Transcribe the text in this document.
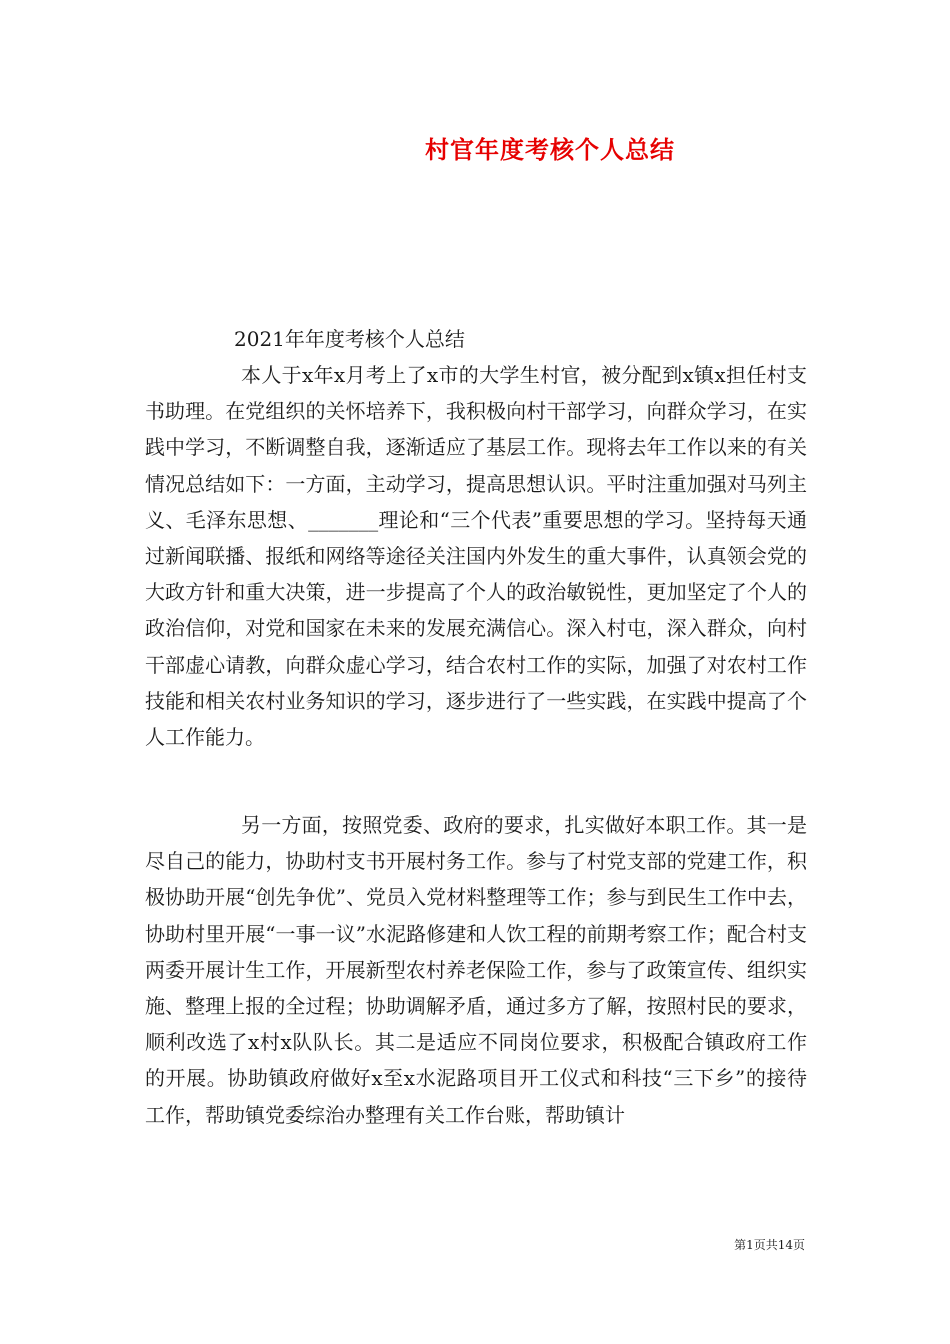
村官年度考核个人总结

2021年年度考核个人总结

本人于x年x月考上了x市的大学生村官，被分配到x镇x担任村支书助理。在党组织的关怀培养下，我积极向村干部学习，向群众学习，在实践中学习，不断调整自我，逐渐适应了基层工作。现将去年工作以来的有关情况总结如下：一方面，主动学习，提高思想认识。平时注重加强对马列主义、毛泽东思想、_______理论和“三个代表”重要思想的学习。坚持每天通过新闻联播、报纸和网络等途径关注国内外发生的重大事件，认真领会党的大政方针和重大决策，进一步提高了个人的政治敏锐性，更加坚定了个人的政治信仰，对党和国家在未来的发展充满信心。深入村屯，深入群众，向村干部虚心请教，向群众虚心学习，结合农村工作的实际，加强了对农村工作技能和相关农村业务知识的学习，逐步进行了一些实践，在实践中提高了个人工作能力。

另一方面，按照党委、政府的要求，扎实做好本职工作。其一是尽自己的能力，协助村支书开展村务工作。参与了村党支部的党建工作，积极协助开展“创先争优”、党员入党材料整理等工作；参与到民生工作中去，协助村里开展“一事一议”水泥路修建和人饮工程的前期考察工作；配合村支两委开展计生工作，开展新型农村养老保险工作，参与了政策宣传、组织实施、整理上报的全过程；协助调解矛盾，通过多方了解，按照村民的要求，顺利改选了x村x队队长。其二是适应不同岗位要求，积极配合镇政府工作的开展。协助镇政府做好x至x水泥路项目开工仪式和科技“三下乡”的接待工作，帮助镇党委综治办整理有关工作台账，帮助镇计

第1页共14页
